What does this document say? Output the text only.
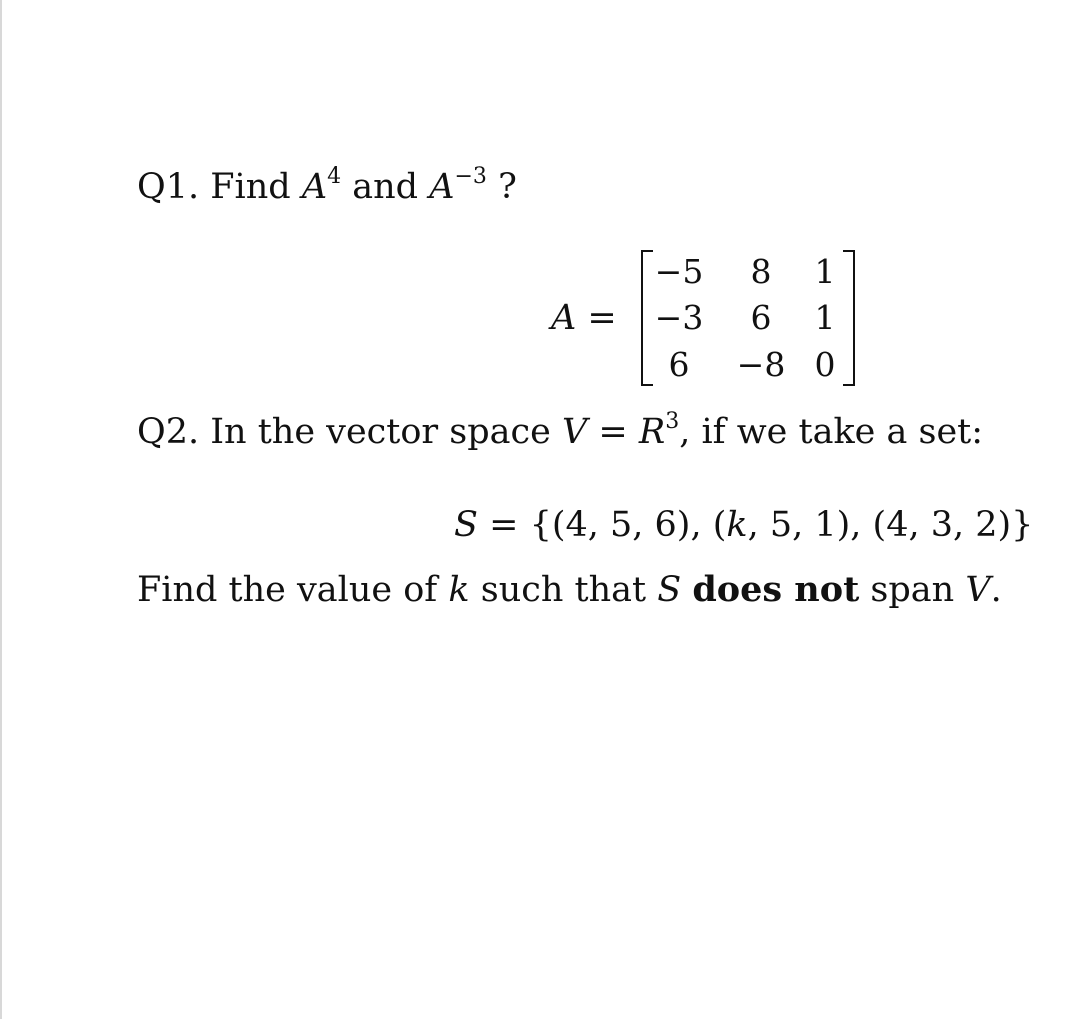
Q1. Find $A^4$ and $A^{-3}$ ?
A =
−5	8	1
−3	6	1
6	−8 0
Q2. In the vector space $V = R^3$, if we take a set:
S = {(4, 5, 6), (k, 5, 1), (4, 3, 2)}
Find the value of k such that S does not span V.
